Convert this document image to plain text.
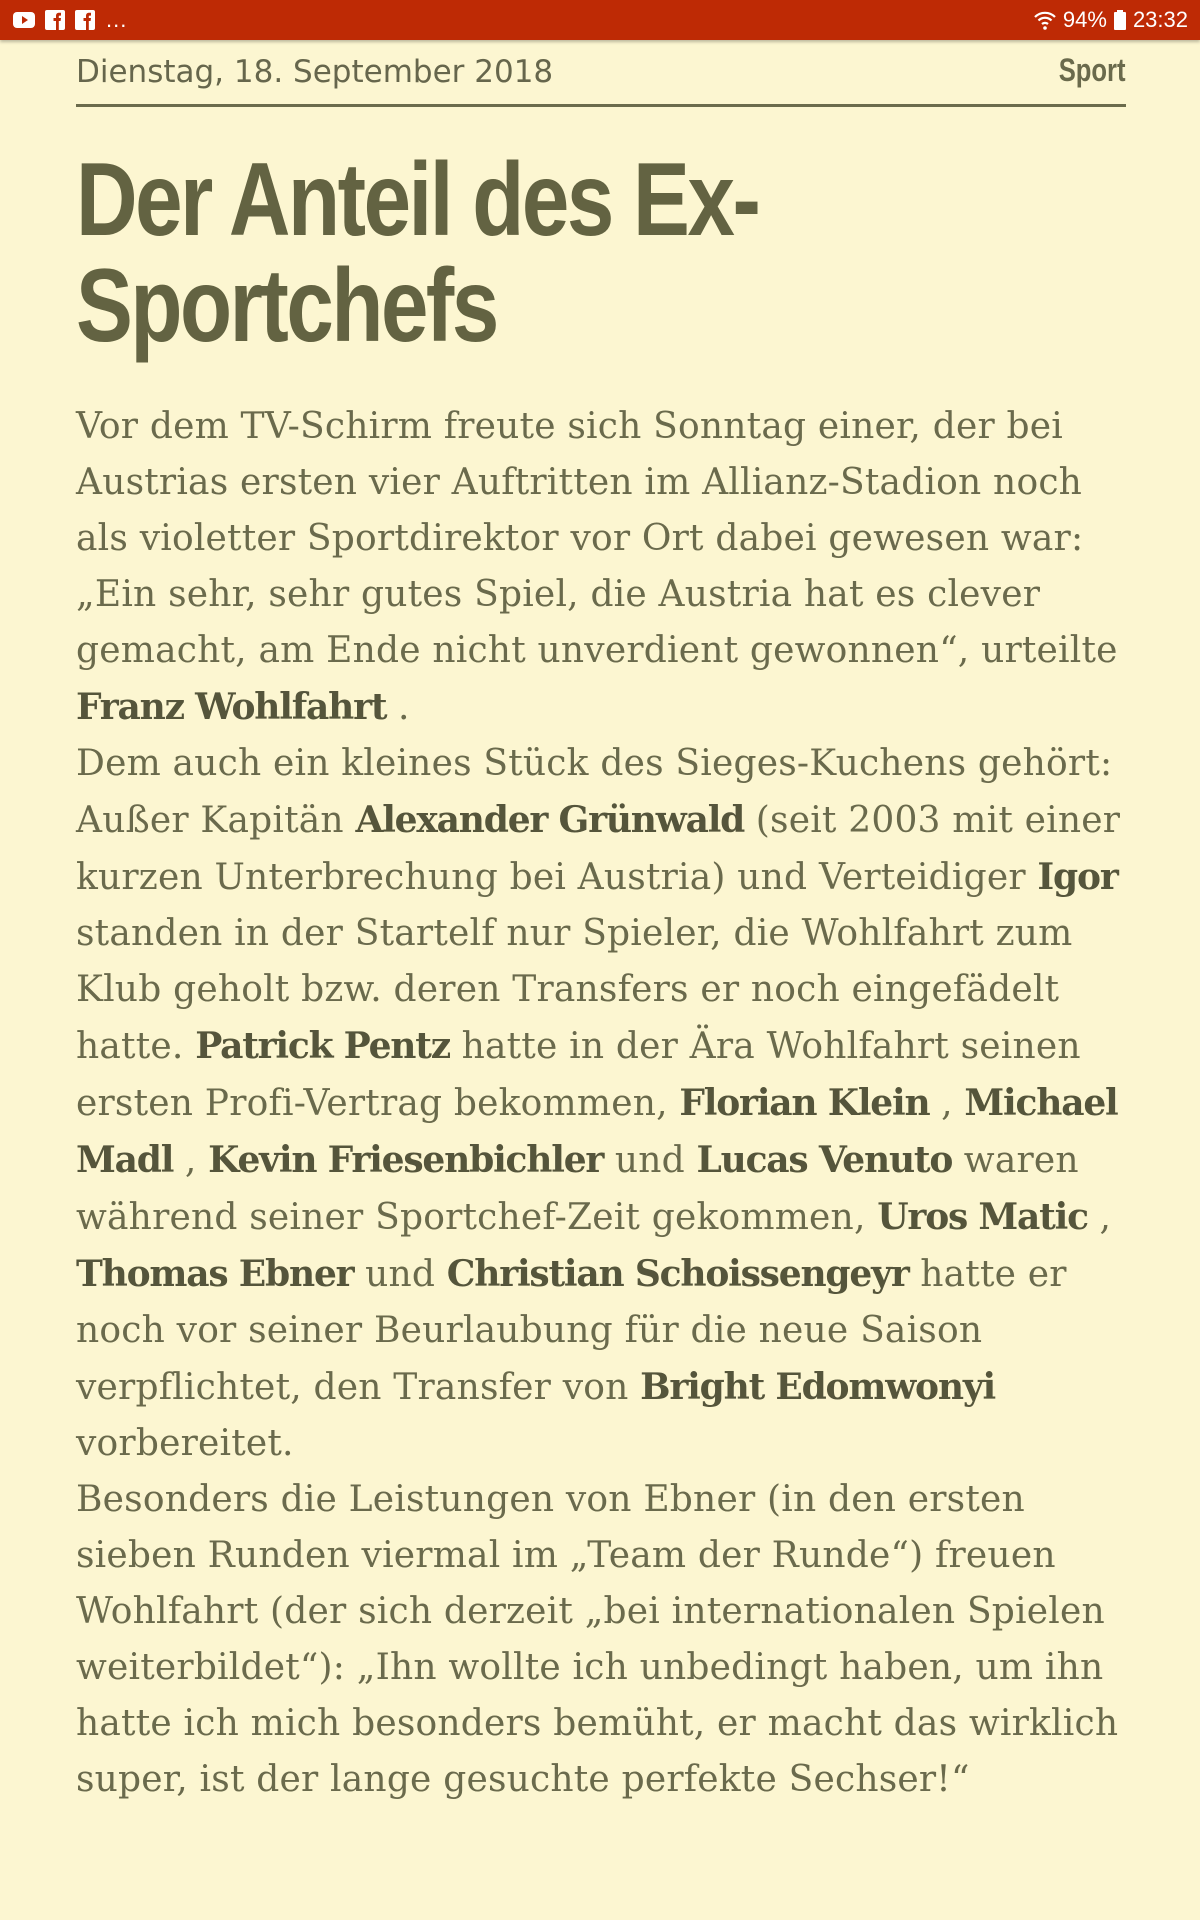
...	94% 23:32
Dienstag, 18. September 2018	Sport
Der Anteil des Ex-Sportchefs

Vor dem TV-Schirm freute sich Sonntag einer, der bei Austrias ersten vier Auftritten im Allianz-Stadion noch als violetter Sportdirektor vor Ort dabei gewesen war: „Ein sehr, sehr gutes Spiel, die Austria hat es clever gemacht, am Ende nicht unverdient gewonnen“, urteilte Franz Wohlfahrt .

Dem auch ein kleines Stück des Sieges-Kuchens gehört: Außer Kapitän Alexander Grünwald (seit 2003 mit einer kurzen Unterbrechung bei Austria) und Verteidiger Igor standen in der Startelf nur Spieler, die Wohlfahrt zum Klub geholt bzw. deren Transfers er noch eingefädelt hatte. Patrick Pentz hatte in der Ära Wohlfahrt seinen ersten Profi-Vertrag bekommen, Florian Klein , Michael Madl , Kevin Friesenbichler und Lucas Venuto waren während seiner Sportchef-Zeit gekommen, Uros Matic , Thomas Ebner und Christian Schoissengeyr hatte er noch vor seiner Beurlaubung für die neue Saison verpflichtet, den Transfer von Bright Edomwonyi vorbereitet.

Besonders die Leistungen von Ebner (in den ersten sieben Runden viermal im „Team der Runde“) freuen Wohlfahrt (der sich derzeit „bei internationalen Spielen weiterbildet“): „Ihn wollte ich unbedingt haben, um ihn hatte ich mich besonders bemüht, er macht das wirklich super, ist der lange gesuchte perfekte Sechser!“
